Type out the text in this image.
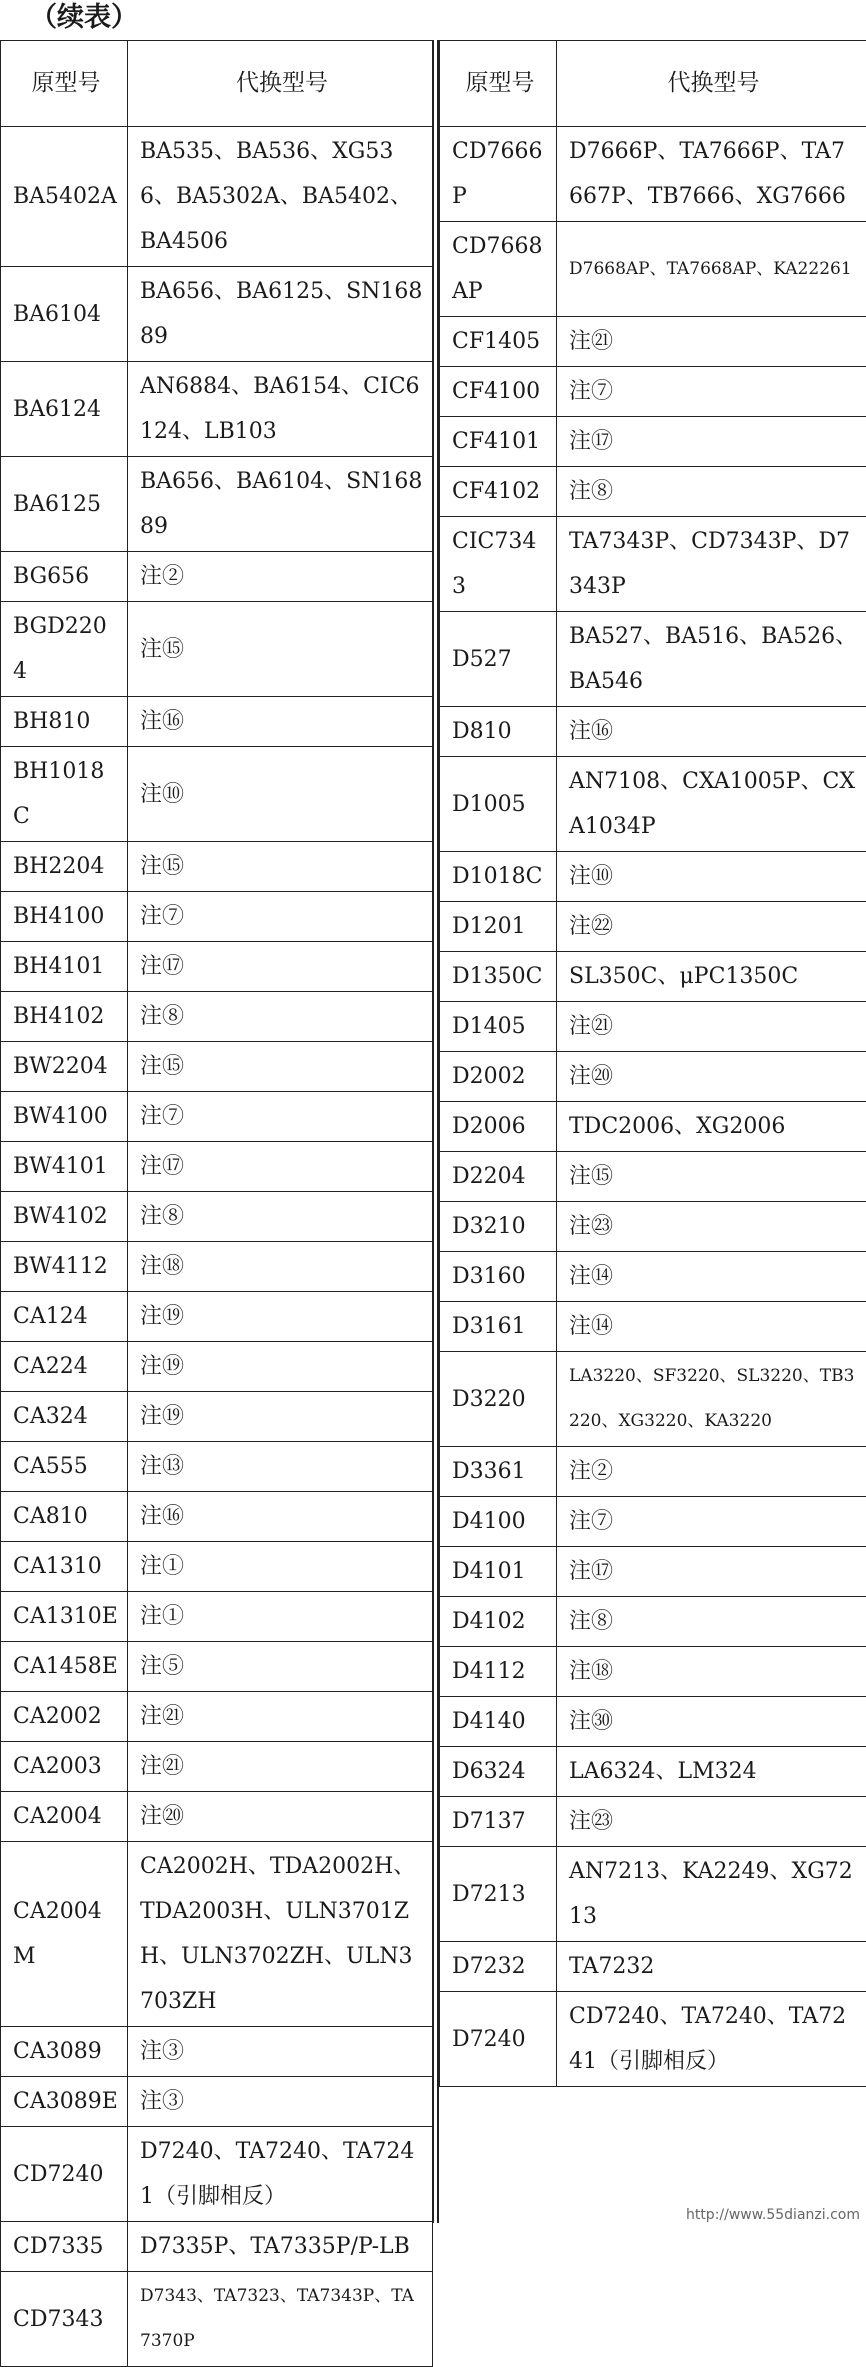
（续表）
原型号	代换型号
BA5402A	BA535、BA536、XG536、BA5302A、BA5402、BA4506
BA6104	BA656、BA6125、SN16889
BA6124	AN6884、BA6154、CIC6124、LB103
BA6125	BA656、BA6104、SN16889
BG656	注②
BGD2204	注⑮
BH810	注⑯
BH1018C	注⑩
BH2204	注⑮
BH4100	注⑦
BH4101	注⑰
BH4102	注⑧
BW2204	注⑮
BW4100	注⑦
BW4101	注⑰
BW4102	注⑧
BW4112	注⑱
CA124	注⑲
CA224	注⑲
CA324	注⑲
CA555	注⑬
CA810	注⑯
CA1310	注①
CA1310E	注①
CA1458E	注⑤
CA2002	注㉑
CA2003	注㉑
CA2004	注⑳
CA2004M	CA2002H、TDA2002H、TDA2003H、ULN3701ZH、ULN3702ZH、ULN3703ZH
CA3089	注③
CA3089E	注③
CD7240	D7240、TA7240、TA7241（引脚相反）
CD7335	D7335P、TA7335P/P-LB
CD7343	D7343、TA7323、TA7343P、TA7370P
原型号	代换型号
CD7666P	D7666P、TA7666P、TA7667P、TB7666、XG7666
CD7668AP	D7668AP、TA7668AP、KA22261
CF1405	注㉑
CF4100	注⑦
CF4101	注⑰
CF4102	注⑧
CIC7343	TA7343P、CD7343P、D7343P
D527	BA527、BA516、BA526、BA546
D810	注⑯
D1005	AN7108、CXA1005P、CXA1034P
D1018C	注⑩
D1201	注㉒
D1350C	SL350C、μPC1350C
D1405	注㉑
D2002	注⑳
D2006	TDC2006、XG2006
D2204	注⑮
D3210	注㉓
D3160	注⑭
D3161	注⑭
D3220	LA3220、SF3220、SL3220、TB3220、XG3220、KA3220
D3361	注②
D4100	注⑦
D4101	注⑰
D4102	注⑧
D4112	注⑱
D4140	注㉚
D6324	LA6324、LM324
D7137	注㉓
D7213	AN7213、KA2249、XG7213
D7232	TA7232
D7240	CD7240、TA7240、TA7241（引脚相反）
http://www.55dianzi.com
